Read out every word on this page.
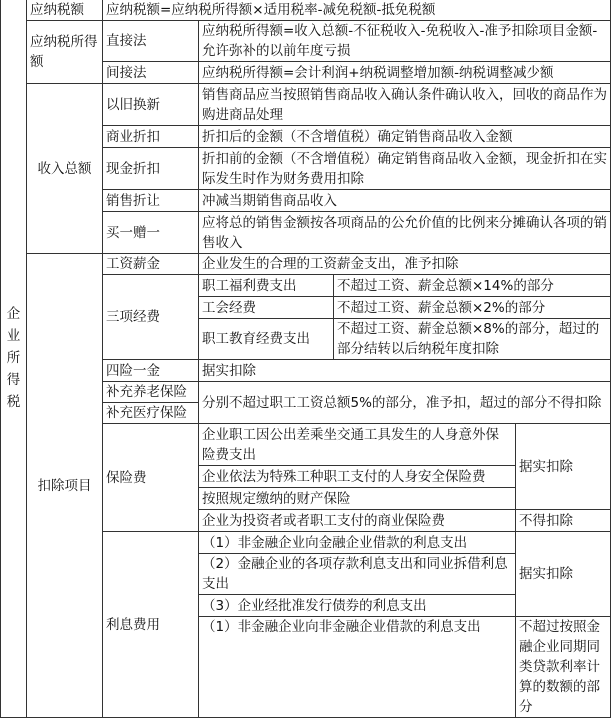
企业所得税	应纳税额	应纳税额=应纳税所得额×适用税率-减免税额-抵免税额			
	应纳税所得额	直接法	应纳税所得额=收入总额-不征税收入-免税收入-准予扣除项目金额-允许弥补的以前年度亏损		
		间接法	应纳税所得额=会计利润+纳税调整增加额-纳税调整减少额		
	收入总额	以旧换新	销售商品应当按照销售商品收入确认条件确认收入，回收的商品作为购进商品处理		
		商业折扣	折扣后的金额（不含增值税）确定销售商品收入金额		
		现金折扣	折扣前的金额（不含增值税）确定销售商品收入金额，现金折扣在实际发生时作为财务费用扣除		
		销售折让	冲减当期销售商品收入		
		买一赠一	应将总的销售金额按各项商品的公允价值的比例来分摊确认各项的销售收入		
	扣除项目	工资薪金	企业发生的合理的工资薪金支出，准予扣除		
		三项经费	职工福利费支出	不超过工资、薪金总额×14%的部分	
			工会经费	不超过工资、薪金总额×2%的部分	
			职工教育经费支出	不超过工资、薪金总额×8%的部分，超过的部分结转以后纳税年度扣除	

		四险一金	据实扣除		
		补充养老保险	分别不超过职工工资总额5%的部分，准予扣，超过的部分不得扣除		
		补充医疗保险			
		保险费	企业职工因公出差乘坐交通工具发生的人身意外保险费支出		据实扣除
			企业依法为特殊工种职工支付的人身安全保险费		
			按照规定缴纳的财产保险		
			企业为投资者或者职工支付的商业保险费		不得扣除
		利息费用	（1）非金融企业向金融企业借款的利息支出		据实扣除
			（2）金融企业的各项存款利息支出和同业拆借利息支出		

			（3）企业经批准发行债券的利息支出		
			（1）非金融企业向非金融企业借款的利息支出		不超过按照金融企业同期同类贷款利率计算的数额的部分
